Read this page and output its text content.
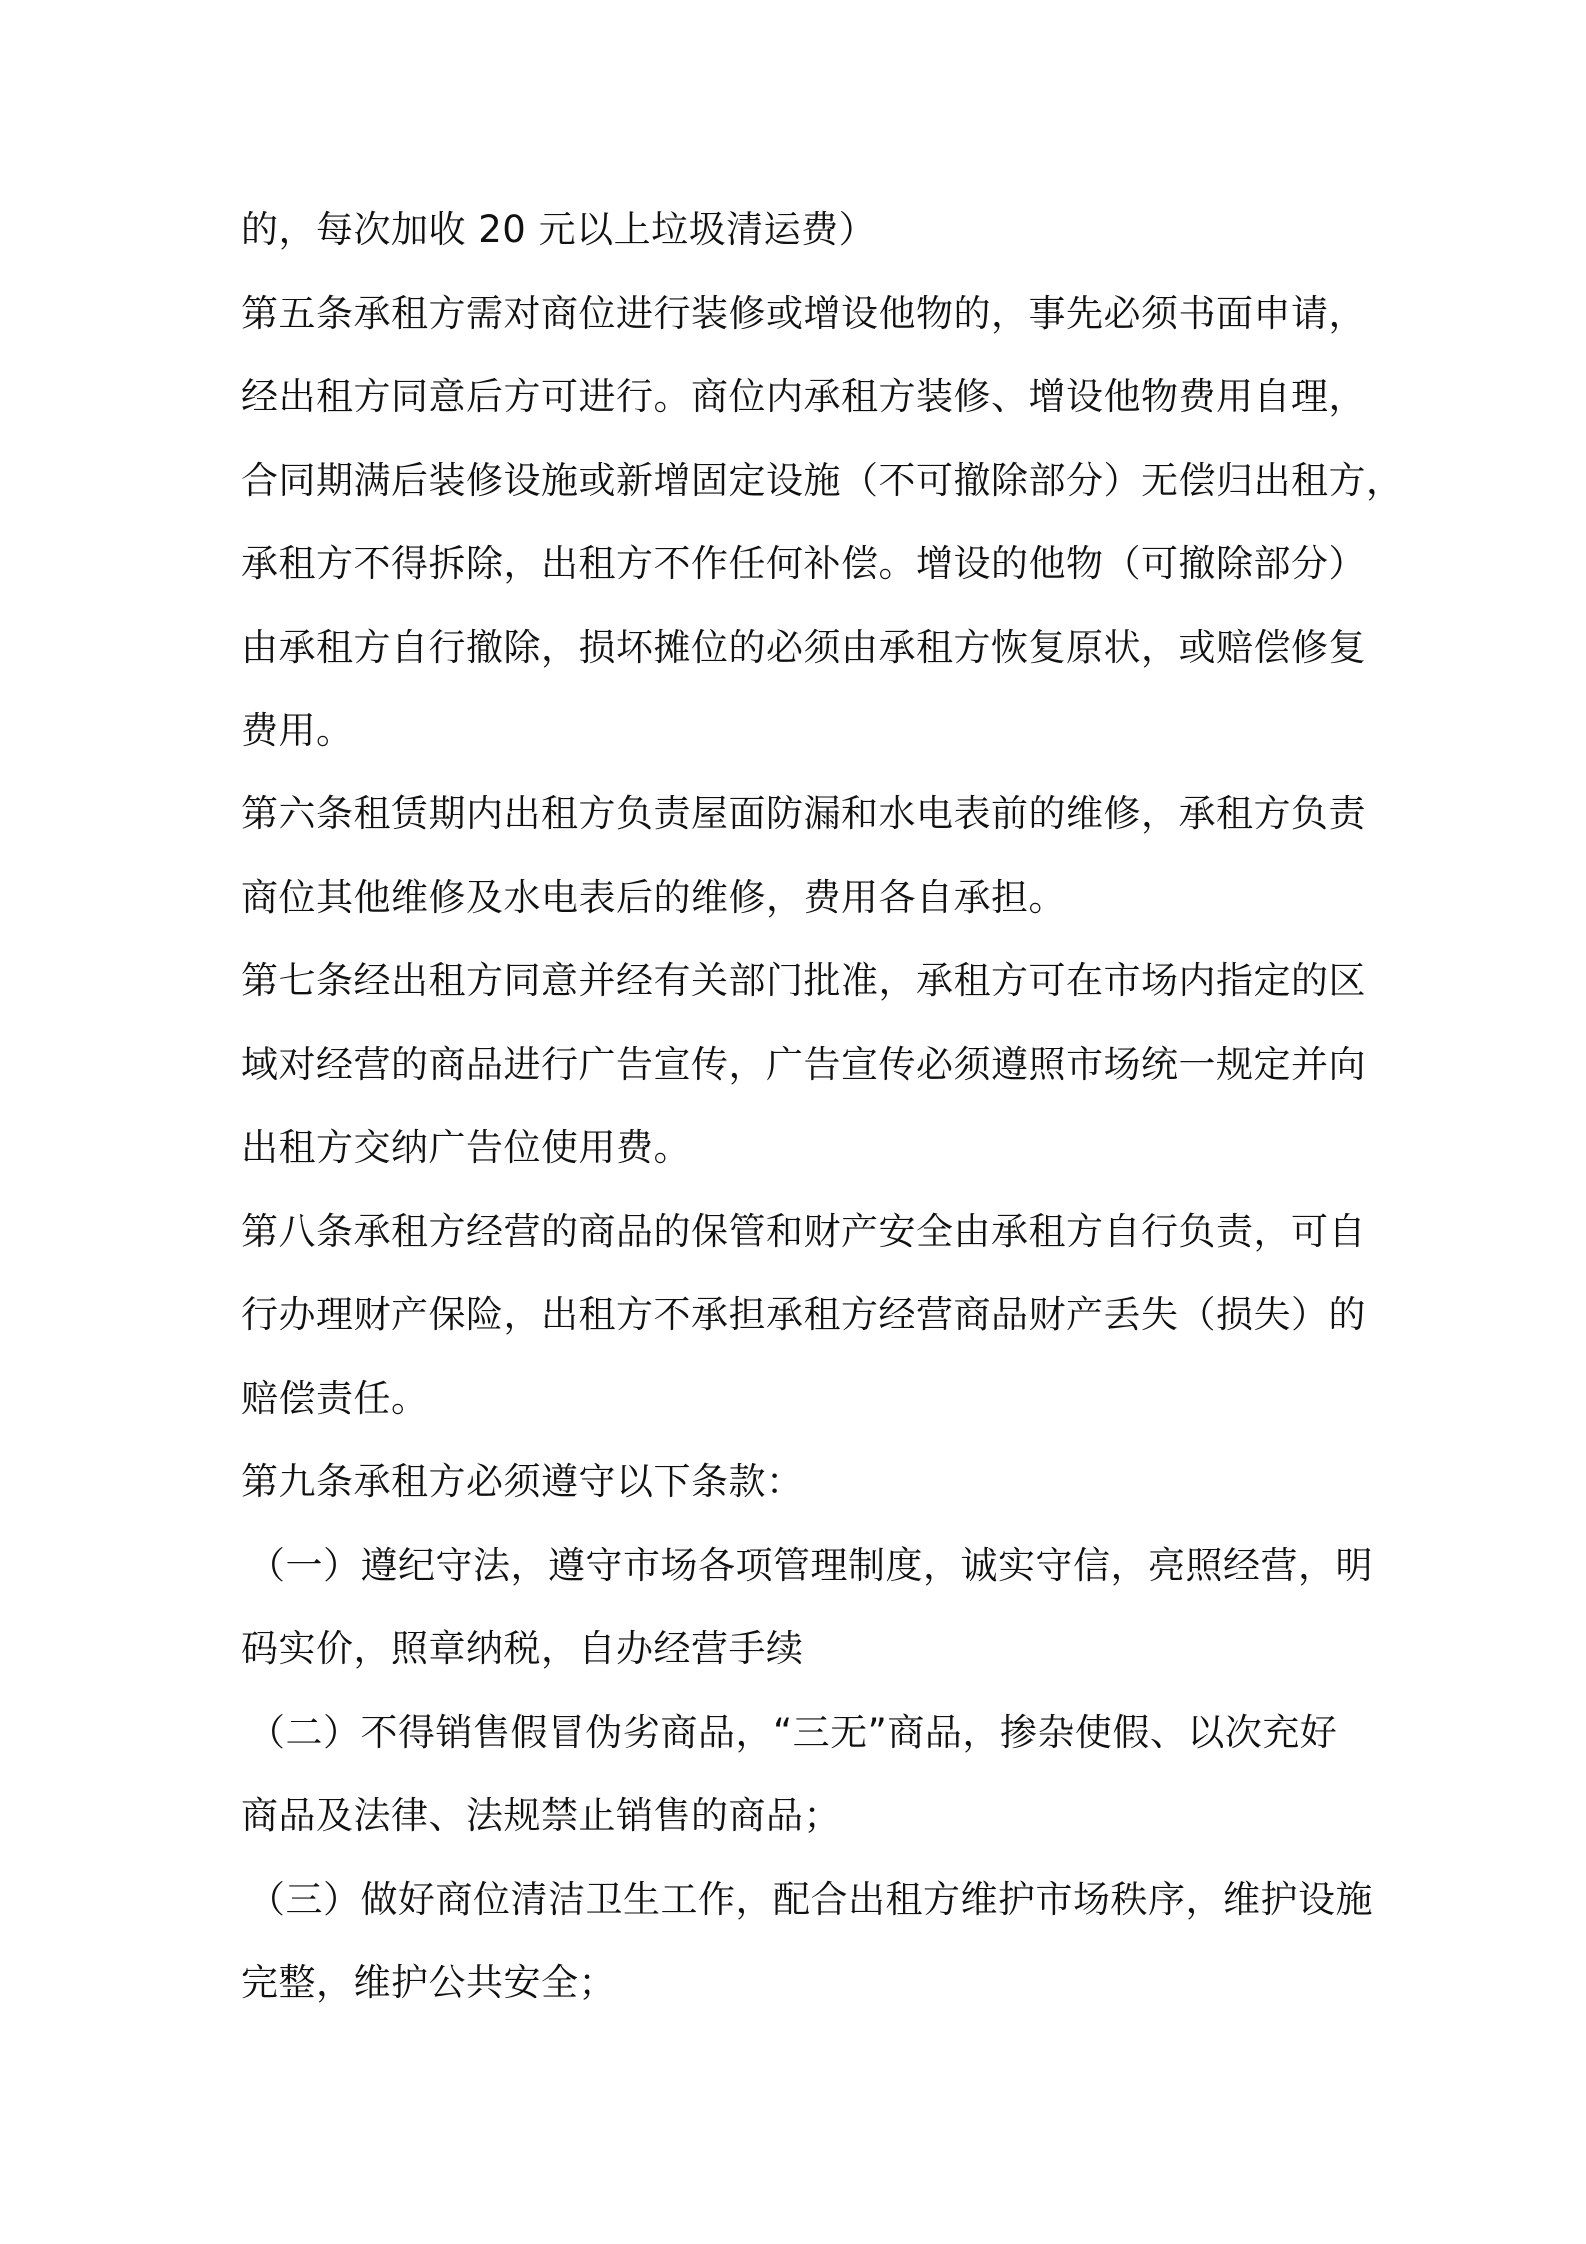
的，每次加收 20 元以上垃圾清运费）
第五条承租方需对商位进行装修或增设他物的，事先必须书面申请，
经出租方同意后方可进行。商位内承租方装修、增设他物费用自理，
合同期满后装修设施或新增固定设施（不可撤除部分）无偿归出租方，
承租方不得拆除，出租方不作任何补偿。增设的他物（可撤除部分）
由承租方自行撤除，损坏摊位的必须由承租方恢复原状，或赔偿修复
费用。
第六条租赁期内出租方负责屋面防漏和水电表前的维修，承租方负责
商位其他维修及水电表后的维修，费用各自承担。
第七条经出租方同意并经有关部门批准，承租方可在市场内指定的区
域对经营的商品进行广告宣传，广告宣传必须遵照市场统一规定并向
出租方交纳广告位使用费。
第八条承租方经营的商品的保管和财产安全由承租方自行负责，可自
行办理财产保险，出租方不承担承租方经营商品财产丢失（损失）的
赔偿责任。
第九条承租方必须遵守以下条款：
（一）遵纪守法，遵守市场各项管理制度，诚实守信，亮照经营，明
码实价，照章纳税，自办经营手续
（二）不得销售假冒伪劣商品，“三无”商品，掺杂使假、以次充好
商品及法律、法规禁止销售的商品；
（三）做好商位清洁卫生工作，配合出租方维护市场秩序，维护设施
完整，维护公共安全；
